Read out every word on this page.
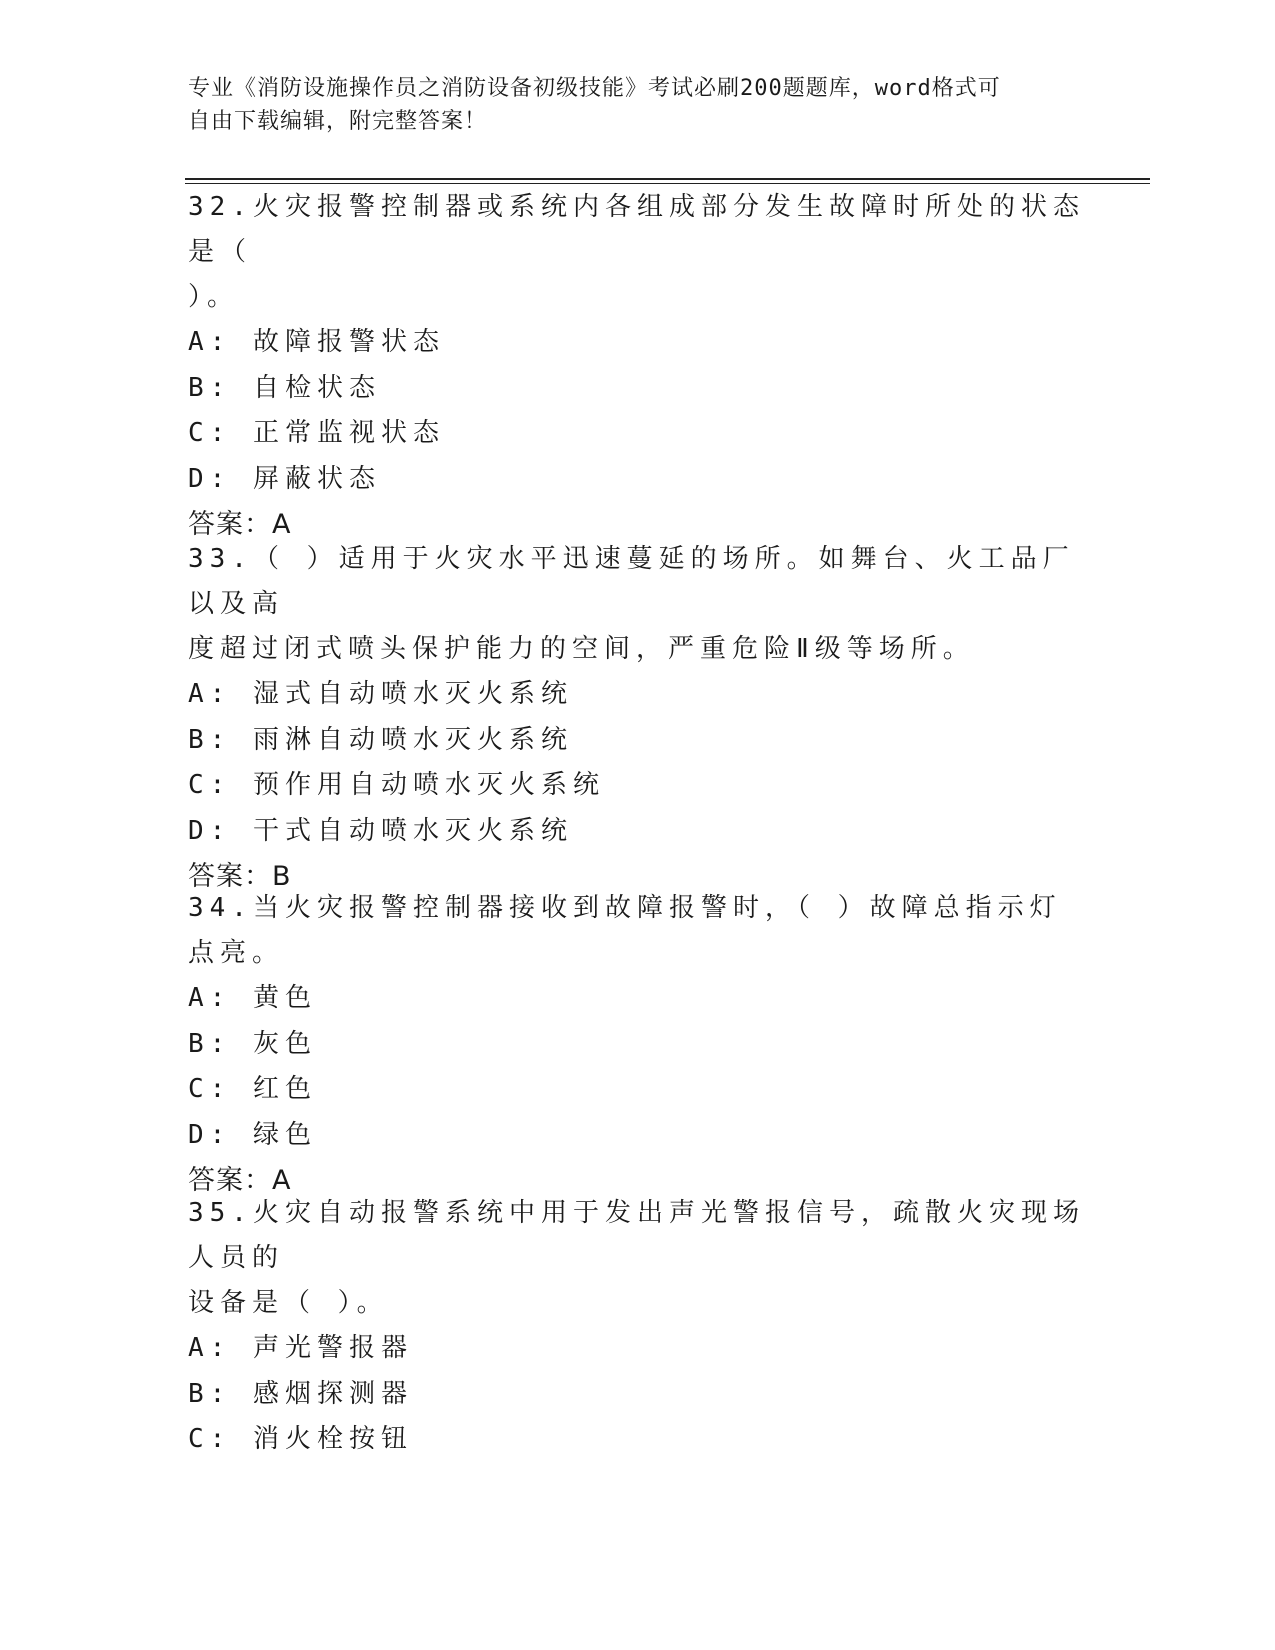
专业《消防设施操作员之消防设备初级技能》考试必刷200题题库，word格式可
自由下载编辑，附完整答案！
32.火灾报警控制器或系统内各组成部分发生故障时所处的状态是（
）。
A: 故障报警状态
B: 自检状态
C: 正常监视状态
D: 屏蔽状态
答案：A
33.（ ）适用于火灾水平迅速蔓延的场所。如舞台、火工品厂以及高
度超过闭式喷头保护能力的空间，严重危险Ⅱ级等场所。
A: 湿式自动喷水灭火系统
B: 雨淋自动喷水灭火系统
C: 预作用自动喷水灭火系统
D: 干式自动喷水灭火系统
答案：B
34.当火灾报警控制器接收到故障报警时，（ ）故障总指示灯点亮。
A: 黄色
B: 灰色
C: 红色
D: 绿色
答案：A
35.火灾自动报警系统中用于发出声光警报信号，疏散火灾现场人员的
设备是（ ）。
A: 声光警报器
B: 感烟探测器
C: 消火栓按钮
